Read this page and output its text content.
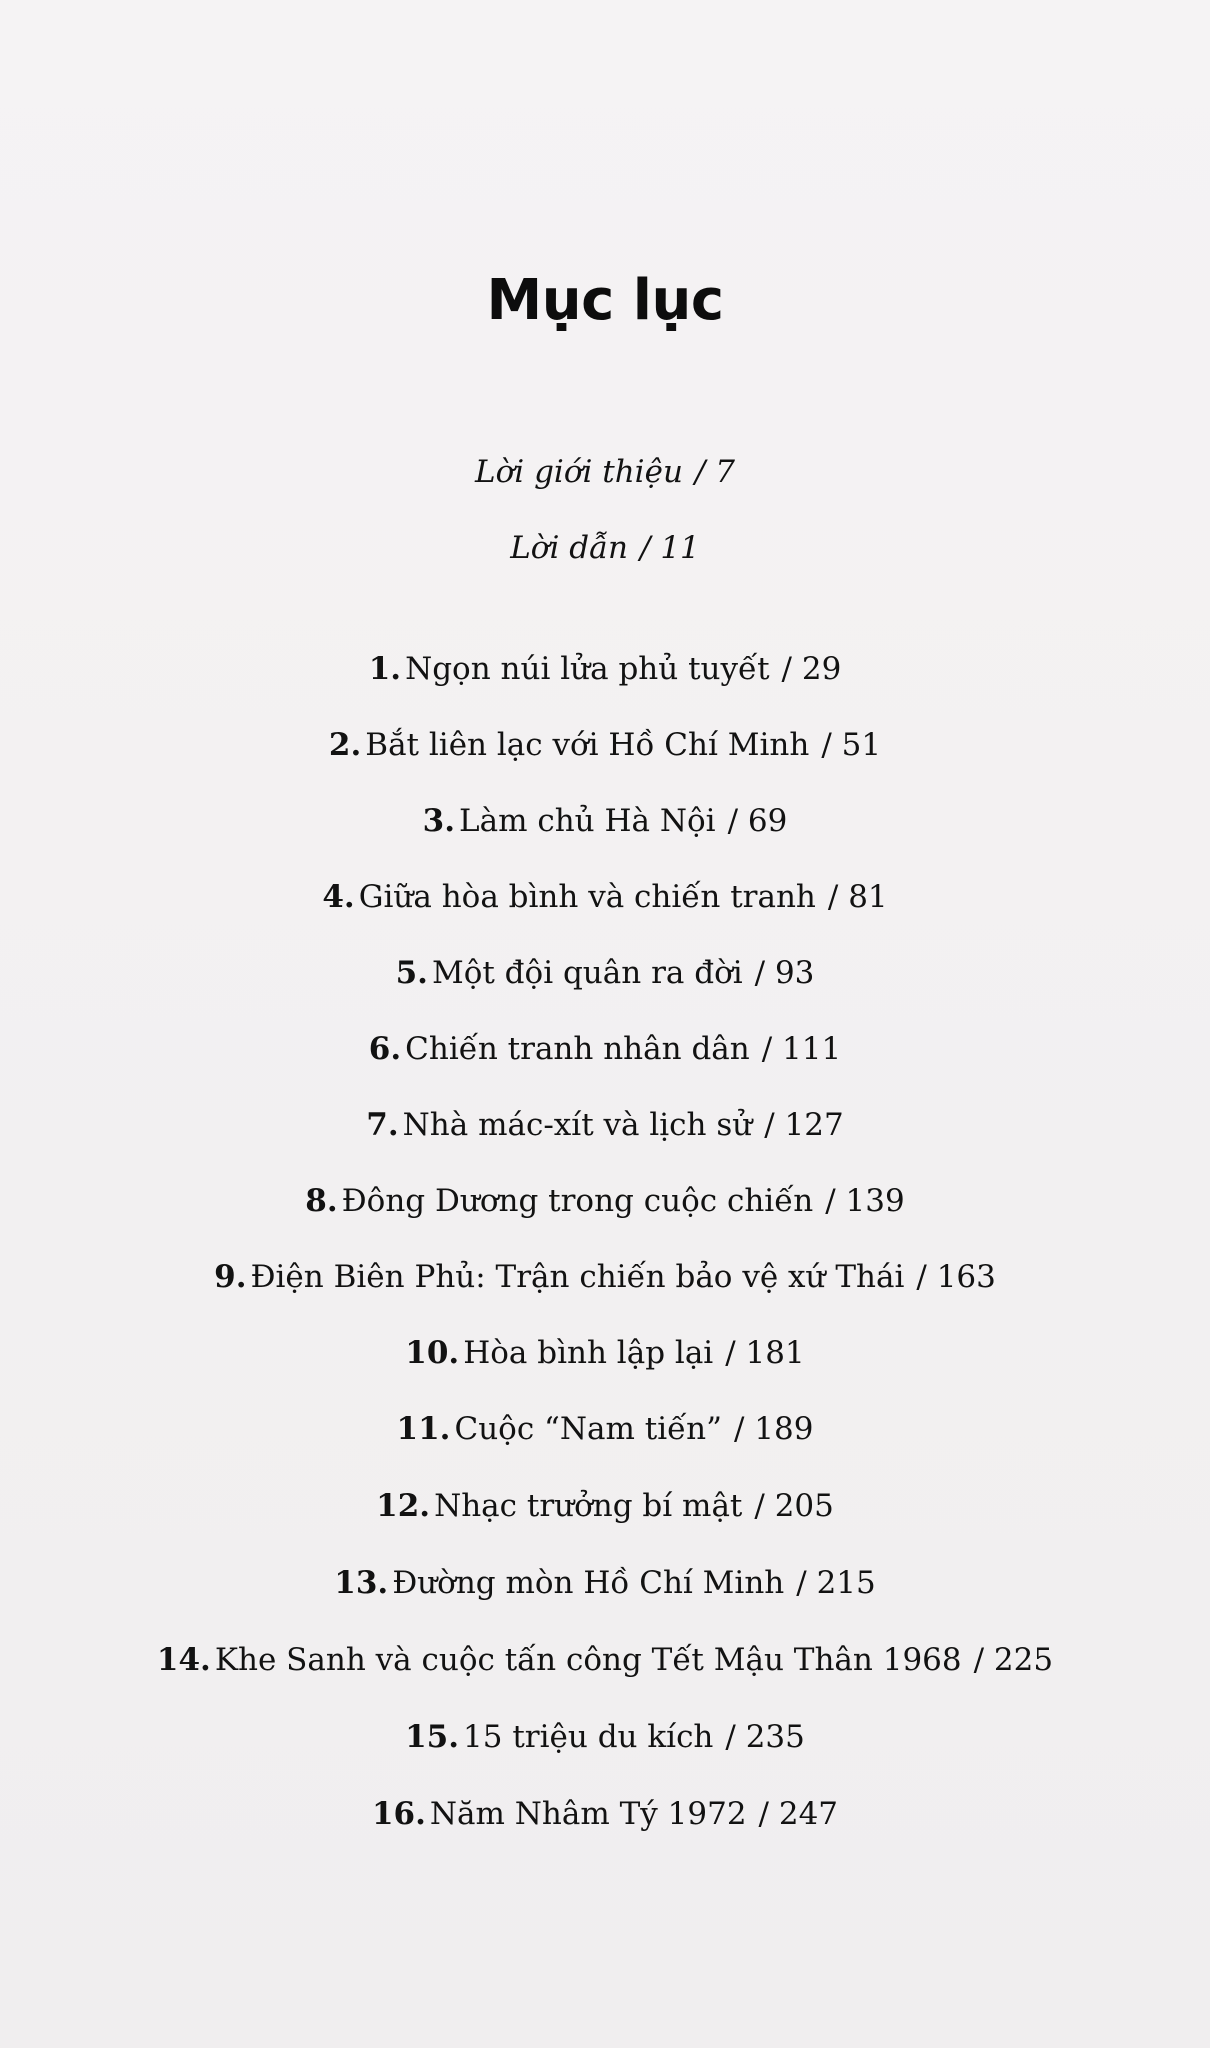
Mục lục
Lời giới thiệu / 7
Lời dẫn / 11
1. Ngọn núi lửa phủ tuyết / 29
2. Bắt liên lạc với Hồ Chí Minh / 51
3. Làm chủ Hà Nội / 69
4. Giữa hòa bình và chiến tranh / 81
5. Một đội quân ra đời / 93
6. Chiến tranh nhân dân / 111
7. Nhà mác-xít và lịch sử / 127
8. Đông Dương trong cuộc chiến / 139
9. Điện Biên Phủ: Trận chiến bảo vệ xứ Thái / 163
10. Hòa bình lập lại / 181
11. Cuộc “Nam tiến” / 189
12. Nhạc trưởng bí mật / 205
13. Đường mòn Hồ Chí Minh / 215
14. Khe Sanh và cuộc tấn công Tết Mậu Thân 1968 / 225
15. 15 triệu du kích / 235
16. Năm Nhâm Tý 1972 / 247
